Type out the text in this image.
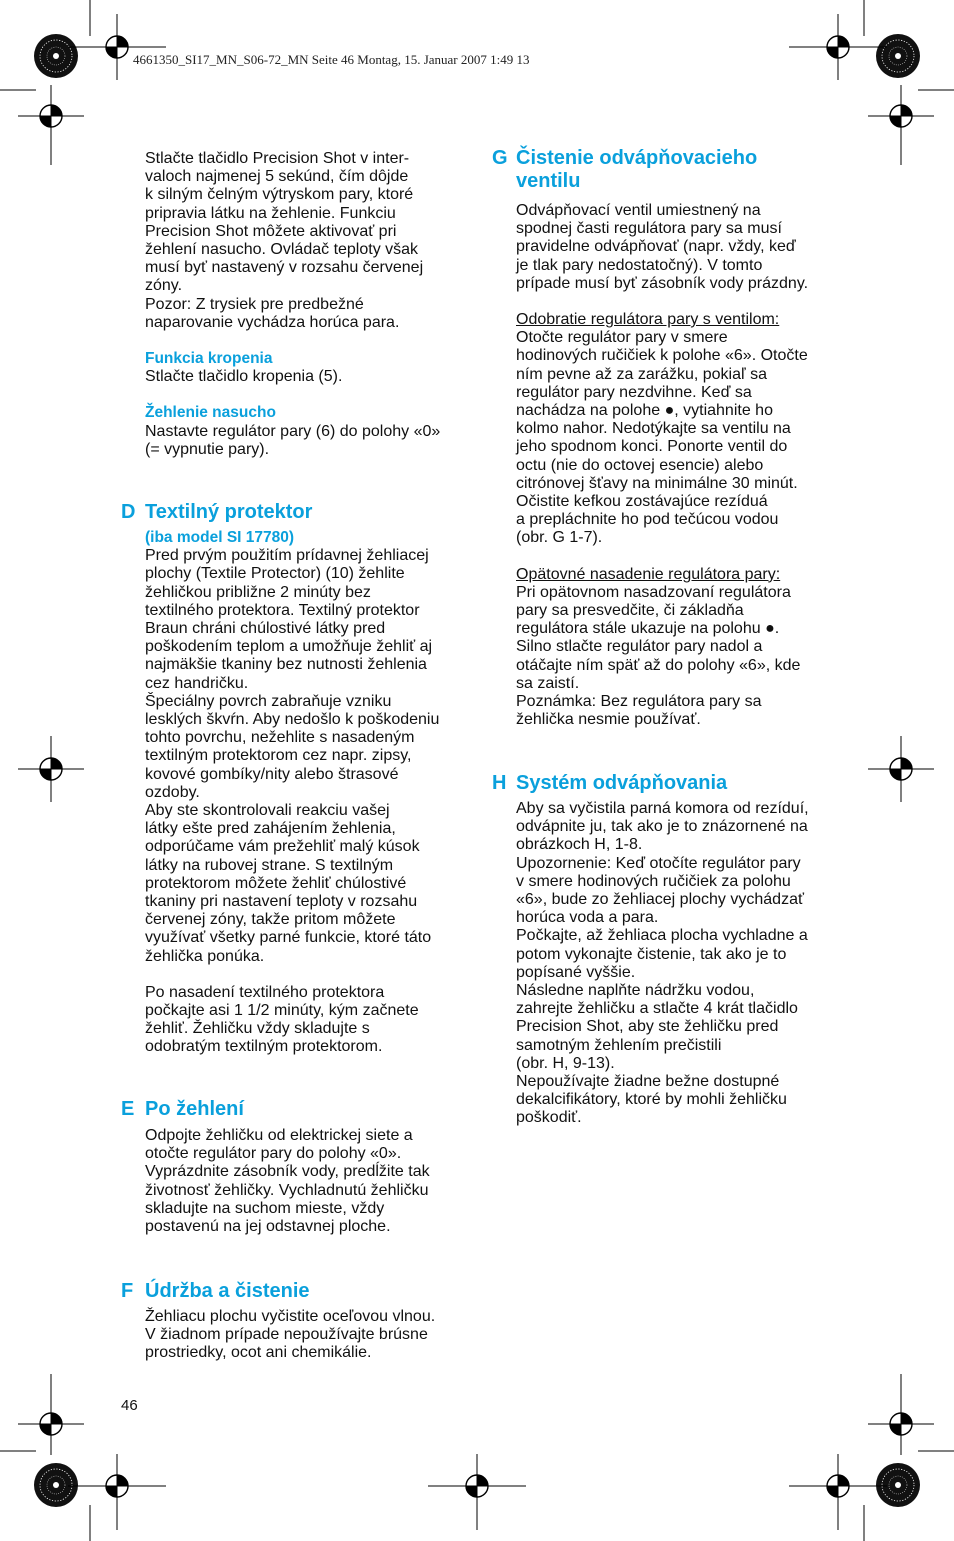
4661350_SI17_MN_S06-72_MN Seite 46 Montag, 15. Januar 2007 1:49 13

Stlačte tlačidlo Precision Shot v inter-
valoch najmenej 5 sekúnd, čím dôjde
k silným čelným výtryskom pary, ktoré
pripravia látku na žehlenie. Funkciu
Precision Shot môžete aktivovať pri
žehlení nasucho. Ovládač teploty však
musí byť nastavený v rozsahu červenej
zóny.
Pozor: Z trysiek pre predbežné
naparovanie vychádza horúca para.

Funkcia kropenia

Stlačte tlačidlo kropenia (5).

Žehlenie nasucho

Nastavte regulátor pary (6) do polohy «0»
(= vypnutie pary).

D Textilný protektor

(iba model SI 17780)

Pred prvým použitím prídavnej žehliacej
plochy (Textile Protector) (10) žehlite
žehličkou približne 2 minúty bez
textilného protektora. Textilný protektor
Braun chráni chúlostivé látky pred
poškodením teplom a umožňuje žehliť aj
najmäkšie tkaniny bez nutnosti žehlenia
cez handričku.
Špeciálny povrch zabraňuje vzniku
lesklých škvŕn. Aby nedošlo k poškodeniu
tohto povrchu, nežehlite s nasadeným
textilným protektorom cez napr. zipsy,
kovové gombíky/nity alebo štrasové
ozdoby.
Aby ste skontrolovali reakciu vašej
látky ešte pred zahájením žehlenia,
odporúčame vám prežehliť malý kúsok
látky na rubovej strane. S textilným
protektorom môžete žehliť chúlostivé
tkaniny pri nastavení teploty v rozsahu
červenej zóny, takže pritom môžete
využívať všetky parné funkcie, ktoré táto
žehlička ponúka.

Po nasadení textilného protektora
počkajte asi 1 1/2 minúty, kým začnete
žehliť. Žehličku vždy skladujte s
odobratým textilným protektorom.

E Po žehlení

Odpojte žehličku od elektrickej siete a
otočte regulátor pary do polohy «0».
Vyprázdnite zásobník vody, predĺžite tak
životnosť žehličky. Vychladnutú žehličku
skladujte na suchom mieste, vždy
postavenú na jej odstavnej ploche.

F Údržba a čistenie

Žehliacu plochu vyčistite oceľovou vlnou.
V žiadnom prípade nepoužívajte brúsne
prostriedky, ocot ani chemikálie.

G Čistenie odvápňovacieho
ventilu

Odvápňovací ventil umiestnený na
spodnej časti regulátora pary sa musí
pravidelne odvápňovať (napr. vždy, keď
je tlak pary nedostatočný). V tomto
prípade musí byť zásobník vody prázdny.

Odobratie regulátora pary s ventilom:

Otočte regulátor pary v smere
hodinových ručičiek k polohe «6». Otočte
ním pevne až za zarážku, pokiaľ sa
regulátor pary nezdvihne. Keď sa
nachádza na polohe ●, vytiahnite ho
kolmo nahor. Nedotýkajte sa ventilu na
jeho spodnom konci. Ponorte ventil do
octu (nie do octovej esencie) alebo
citrónovej šťavy na minimálne 30 minút.
Očistite kefkou zostávajúce rezíduá
a prepláchnite ho pod tečúcou vodou
(obr. G 1-7).

Opätovné nasadenie regulátora pary:

Pri opätovnom nasadzovaní regulátora
pary sa presvedčite, či základňa
regulátora stále ukazuje na polohu ●.
Silno stlačte regulátor pary nadol a
otáčajte ním späť až do polohy «6», kde
sa zaistí.
Poznámka: Bez regulátora pary sa
žehlička nesmie používať.

H Systém odvápňovania

Aby sa vyčistila parná komora od rezíduí,
odvápnite ju, tak ako je to znázornené na
obrázkoch H, 1-8.
Upozornenie: Keď otočíte regulátor pary
v smere hodinových ručičiek za polohu
«6», bude zo žehliacej plochy vychádzať
horúca voda a para.
Počkajte, až žehliaca plocha vychladne a
potom vykonajte čistenie, tak ako je to
popísané vyššie.
Následne naplňte nádržku vodou,
zahrejte žehličku a stlačte 4 krát tlačidlo
Precision Shot, aby ste žehličku pred
samotným žehlením prečistili
(obr. H, 9-13).
Nepoužívajte žiadne bežne dostupné
dekalcifikátory, ktoré by mohli žehličku
poškodiť.

46
